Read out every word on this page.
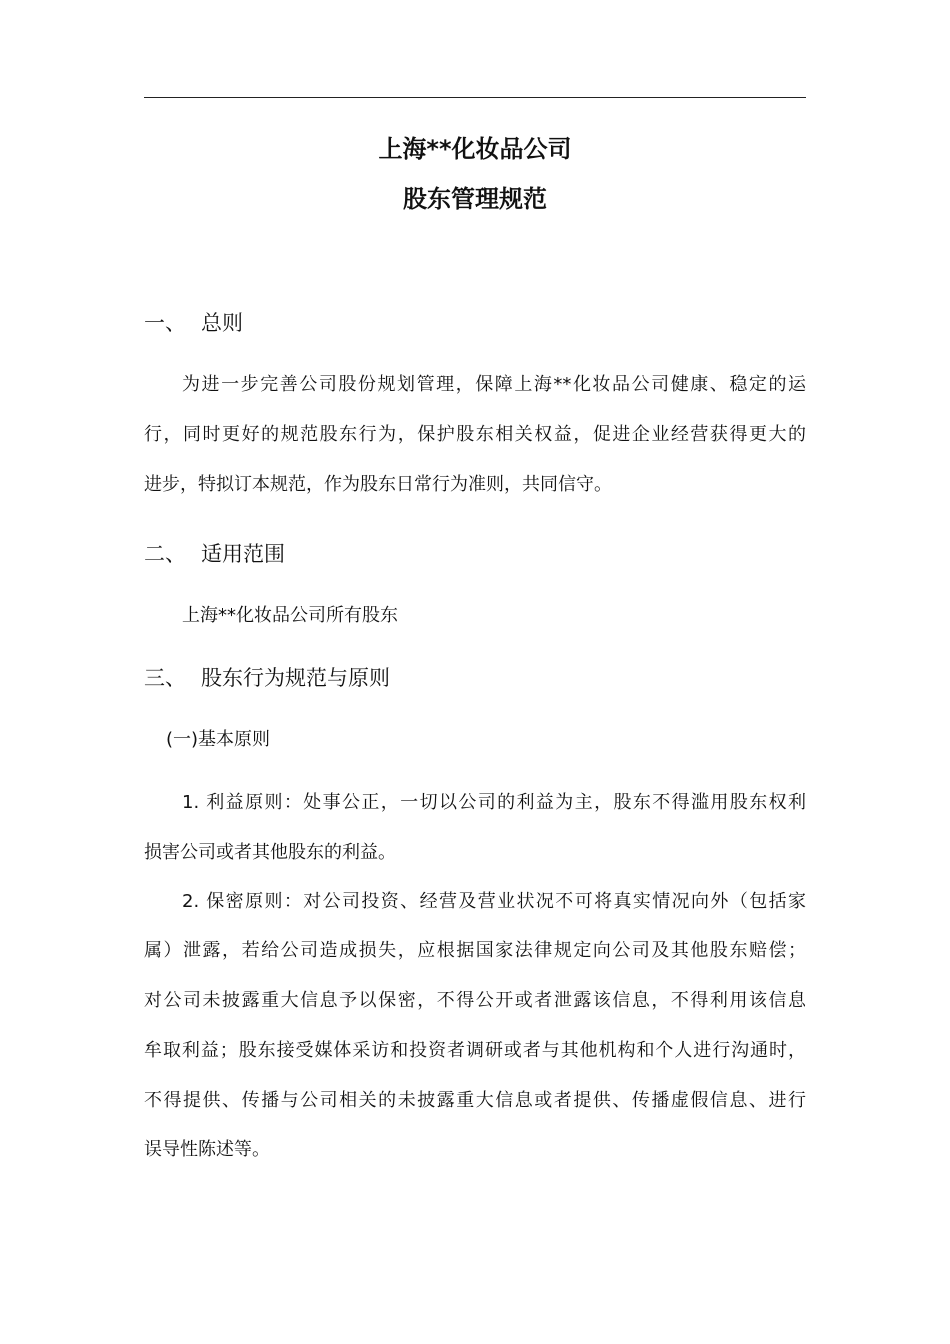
上海**化妆品公司
股东管理规范
一、 总则
为进一步完善公司股份规划管理，保障上海**化妆品公司健康、稳定的运
行，同时更好的规范股东行为，保护股东相关权益，促进企业经营获得更大的
进步，特拟订本规范，作为股东日常行为准则，共同信守。
二、 适用范围
上海**化妆品公司所有股东
三、 股东行为规范与原则
(一)基本原则
1. 利益原则：处事公正，一切以公司的利益为主，股东不得滥用股东权利
损害公司或者其他股东的利益。
2. 保密原则：对公司投资、经营及营业状况不可将真实情况向外（包括家
属）泄露，若给公司造成损失，应根据国家法律规定向公司及其他股东赔偿；
对公司未披露重大信息予以保密，不得公开或者泄露该信息，不得利用该信息
牟取利益；股东接受媒体采访和投资者调研或者与其他机构和个人进行沟通时，
不得提供、传播与公司相关的未披露重大信息或者提供、传播虚假信息、进行
误导性陈述等。
